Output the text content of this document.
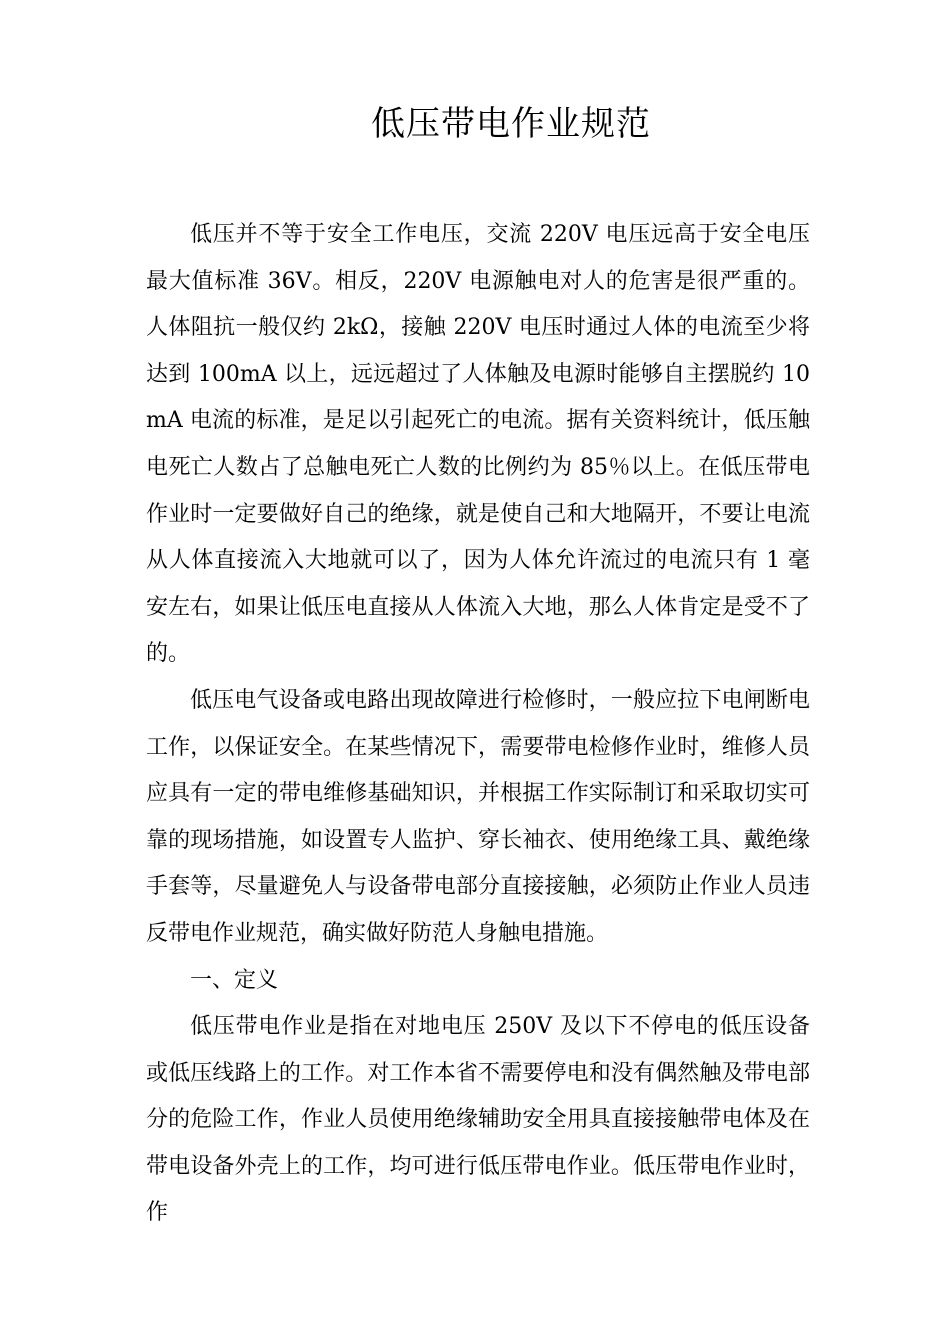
低压带电作业规范

低压并不等于安全工作电压，交流 220V 电压远高于安全电压最大值标准 36V。相反，220V 电源触电对人的危害是很严重的。人体阻抗一般仅约 2kΩ，接触 220V 电压时通过人体的电流至少将达到 100mA 以上，远远超过了人体触及电源时能够自主摆脱约 10mA 电流的标准，是足以引起死亡的电流。据有关资料统计，低压触电死亡人数占了总触电死亡人数的比例约为 85％以上。在低压带电作业时一定要做好自己的绝缘，就是使自己和大地隔开，不要让电流从人体直接流入大地就可以了，因为人体允许流过的电流只有 1 毫安左右，如果让低压电直接从人体流入大地，那么人体肯定是受不了的。

低压电气设备或电路出现故障进行检修时，一般应拉下电闸断电工作，以保证安全。在某些情况下，需要带电检修作业时，维修人员应具有一定的带电维修基础知识，并根据工作实际制订和采取切实可靠的现场措施，如设置专人监护、穿长袖衣、使用绝缘工具、戴绝缘手套等，尽量避免人与设备带电部分直接接触，必须防止作业人员违反带电作业规范，确实做好防范人身触电措施。

一、定义

低压带电作业是指在对地电压 250V 及以下不停电的低压设备或低压线路上的工作。对工作本省不需要停电和没有偶然触及带电部分的危险工作，作业人员使用绝缘辅助安全用具直接接触带电体及在带电设备外壳上的工作，均可进行低压带电作业。低压带电作业时，作
